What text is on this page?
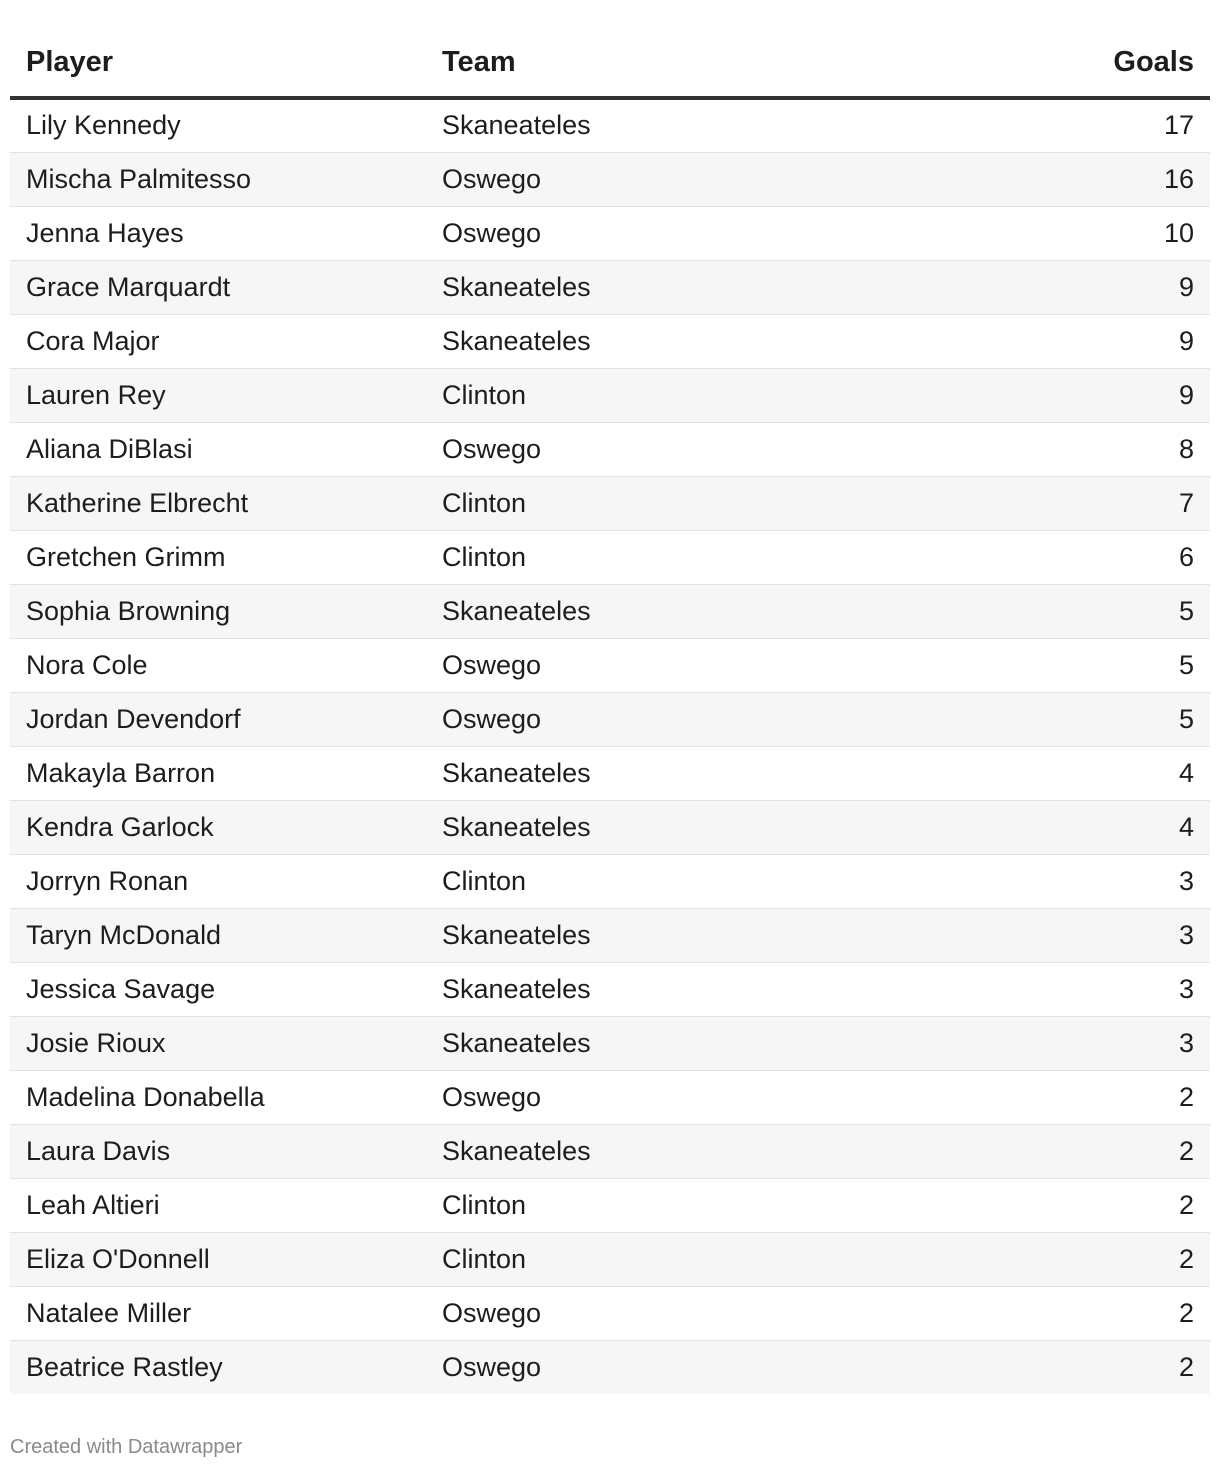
Player	Team	Goals
Lily Kennedy	Skaneateles	17
Mischa Palmitesso	Oswego	16
Jenna Hayes	Oswego	10
Grace Marquardt	Skaneateles	9
Cora Major	Skaneateles	9
Lauren Rey	Clinton	9
Aliana DiBlasi	Oswego	8
Katherine Elbrecht	Clinton	7
Gretchen Grimm	Clinton	6
Sophia Browning	Skaneateles	5
Nora Cole	Oswego	5
Jordan Devendorf	Oswego	5
Makayla Barron	Skaneateles	4
Kendra Garlock	Skaneateles	4
Jorryn Ronan	Clinton	3
Taryn McDonald	Skaneateles	3
Jessica Savage	Skaneateles	3
Josie Rioux	Skaneateles	3
Madelina Donabella	Oswego	2
Laura Davis	Skaneateles	2
Leah Altieri	Clinton	2
Eliza O'Donnell	Clinton	2
Natalee Miller	Oswego	2
Beatrice Rastley	Oswego	2
Created with Datawrapper
